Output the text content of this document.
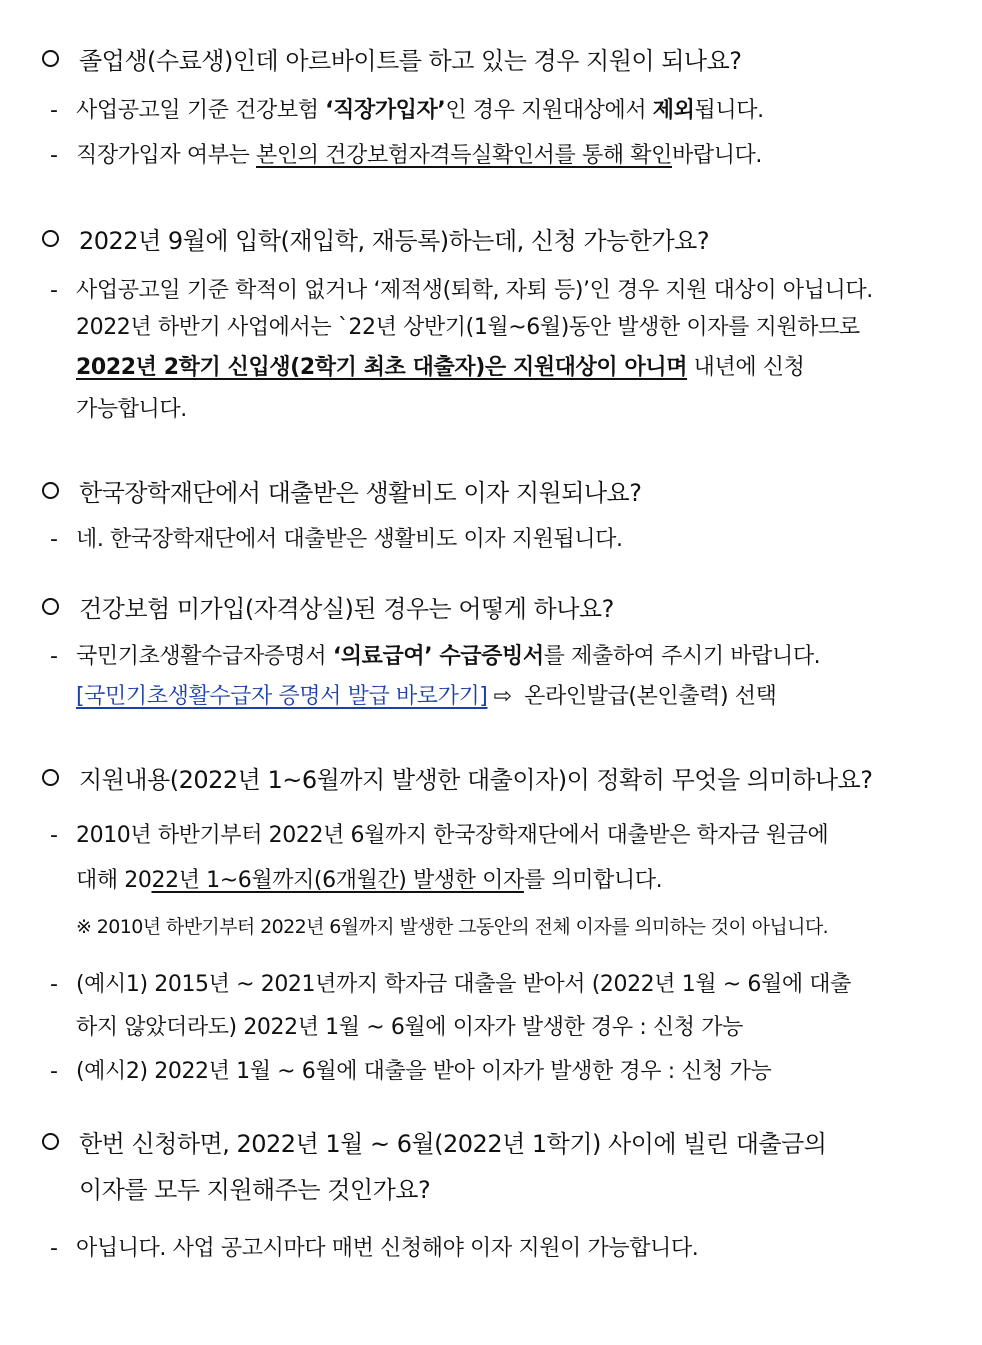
졸업생(수료생)인데 아르바이트를 하고 있는 경우 지원이 되나요?
- 사업공고일 기준 건강보험 ‘직장가입자’인 경우 지원대상에서 제외됩니다.
- 직장가입자 여부는 본인의 건강보험자격득실확인서를 통해 확인바랍니다.
2022년 9월에 입학(재입학, 재등록)하는데, 신청 가능한가요?
- 사업공고일 기준 학적이 없거나 ‘제적생(퇴학, 자퇴 등)’인 경우 지원 대상이 아닙니다.
2022년 하반기 사업에서는 `22년 상반기(1월~6월)동안 발생한 이자를 지원하므로
2022년 2학기 신입생(2학기 최초 대출자)은 지원대상이 아니며 내년에 신청
가능합니다.
한국장학재단에서 대출받은 생활비도 이자 지원되나요?
- 네. 한국장학재단에서 대출받은 생활비도 이자 지원됩니다.
건강보험 미가입(자격상실)된 경우는 어떻게 하나요?
- 국민기초생활수급자증명서 ‘의료급여’ 수급증빙서를 제출하여 주시기 바랍니다.
[국민기초생활수급자 증명서 발급 바로가기] ⇨ 온라인발급(본인출력) 선택
지원내용(2022년 1~6월까지 발생한 대출이자)이 정확히 무엇을 의미하나요?
- 2010년 하반기부터 2022년 6월까지 한국장학재단에서 대출받은 학자금 원금에
대해 2022년 1~6월까지(6개월간) 발생한 이자를 의미합니다.
※ 2010년 하반기부터 2022년 6월까지 발생한 그동안의 전체 이자를 의미하는 것이 아닙니다.
- (예시1) 2015년 ~ 2021년까지 학자금 대출을 받아서 (2022년 1월 ~ 6월에 대출
하지 않았더라도) 2022년 1월 ~ 6월에 이자가 발생한 경우 : 신청 가능
- (예시2) 2022년 1월 ~ 6월에 대출을 받아 이자가 발생한 경우 : 신청 가능
한번 신청하면, 2022년 1월 ~ 6월(2022년 1학기) 사이에 빌린 대출금의
이자를 모두 지원해주는 것인가요?
- 아닙니다. 사업 공고시마다 매번 신청해야 이자 지원이 가능합니다.
